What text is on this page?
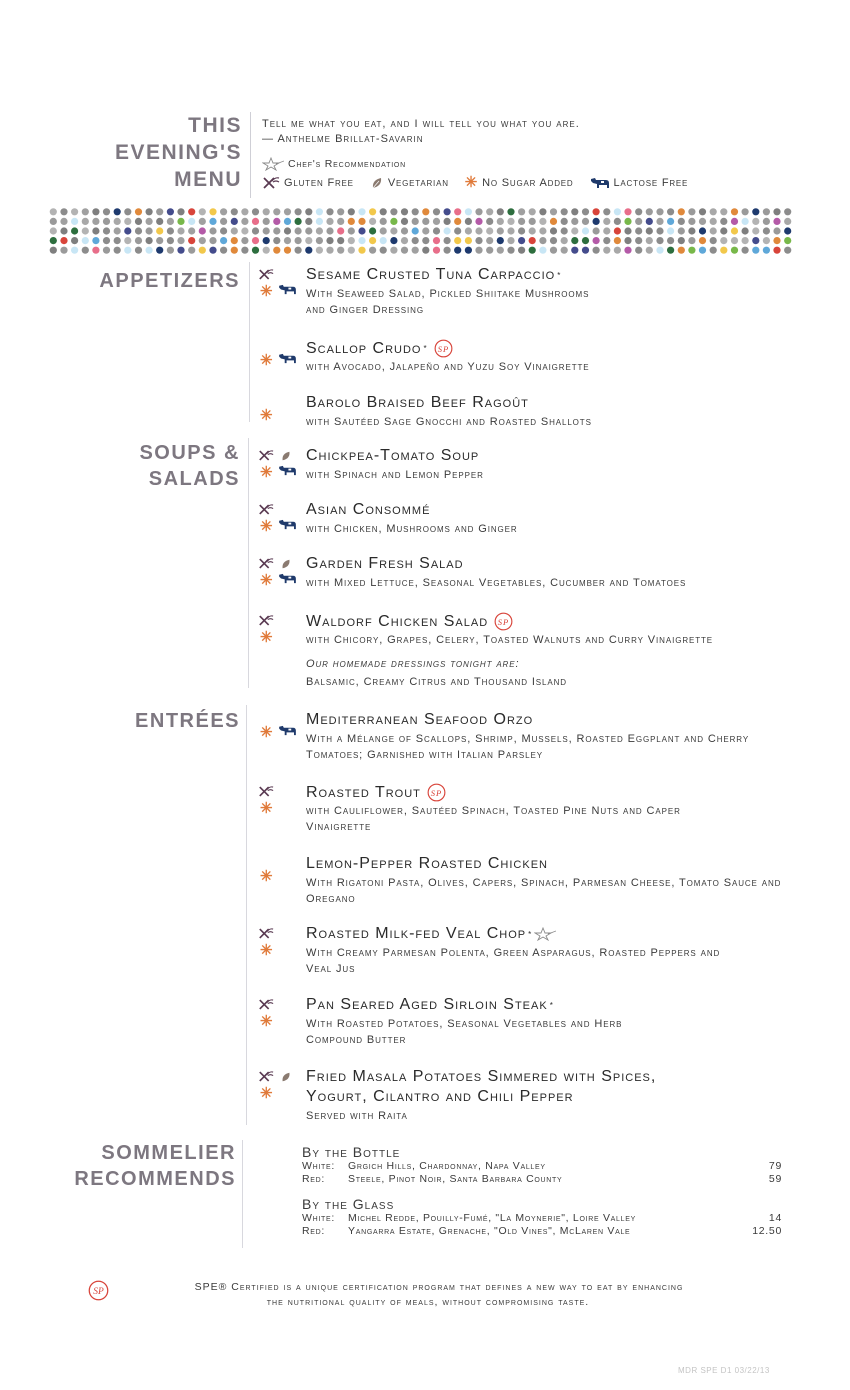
THIS
EVENING'S
MENU
Tell me what you eat, and I will tell you what you are.
— Anthelme Brillat-Savarin
Chef's Recommendation
Gluten Free	Vegetarian ✳ No Sugar Added	Lactose Free
APPETIZERS
SOUPS &
SALADS
ENTRÉES
SOMMELIER
RECOMMENDS
✳
Sesame Crusted Tuna Carpaccio *
With Seaweed Salad, Pickled Shiitake Mushrooms and Ginger Dressing
✳
Scallop Crudo * SP
with Avocado, Jalapeño and Yuzu Soy Vinaigrette
✳
Barolo Braised Beef Ragoût
with Sautéed Sage Gnocchi and Roasted Shallots
✳
Chickpea-Tomato Soup
with Spinach and Lemon Pepper
✳
Asian Consommé
with Chicken, Mushrooms and Ginger
✳
Garden Fresh Salad
with Mixed Lettuce, Seasonal Vegetables, Cucumber and Tomatoes
✳
Waldorf Chicken Salad SP
with Chicory, Grapes, Celery, Toasted Walnuts and Curry Vinaigrette
Our homemade dressings tonight are:
Balsamic, Creamy Citrus and Thousand Island
✳
Mediterranean Seafood Orzo
With a Mélange of Scallops, Shrimp, Mussels, Roasted Eggplant and Cherry Tomatoes; Garnished with Italian Parsley
✳
Roasted Trout SP
with Cauliflower, Sautéed Spinach, Toasted Pine Nuts and Caper Vinaigrette
✳
Lemon-Pepper Roasted Chicken
With Rigatoni Pasta, Olives, Capers, Spinach, Parmesan Cheese, Tomato Sauce and Oregano
✳
Roasted Milk-fed Veal Chop *
With Creamy Parmesan Polenta, Green Asparagus, Roasted Peppers and Veal Jus
✳
Pan Seared Aged Sirloin Steak *
With Roasted Potatoes, Seasonal Vegetables and Herb Compound Butter
✳
Fried Masala Potatoes Simmered with Spices,
Yogurt, Cilantro and Chili Pepper
Served with Raita
By the Bottle
White:	Grgich Hills, Chardonnay, Napa Valley	79
Red:	Steele, Pinot Noir, Santa Barbara County	59
By the Glass
White:	Michel Redde, Pouilly-Fumé, "La Moynerie", Loire Valley	14
Red:	Yangarra Estate, Grenache, "Old Vines", McLaren Vale	12.50
SP	SPE® Certified is a unique certification program that defines a new way to eat by enhancing
the nutritional quality of meals, without compromising taste.
MDR SPE D1 03/22/13
